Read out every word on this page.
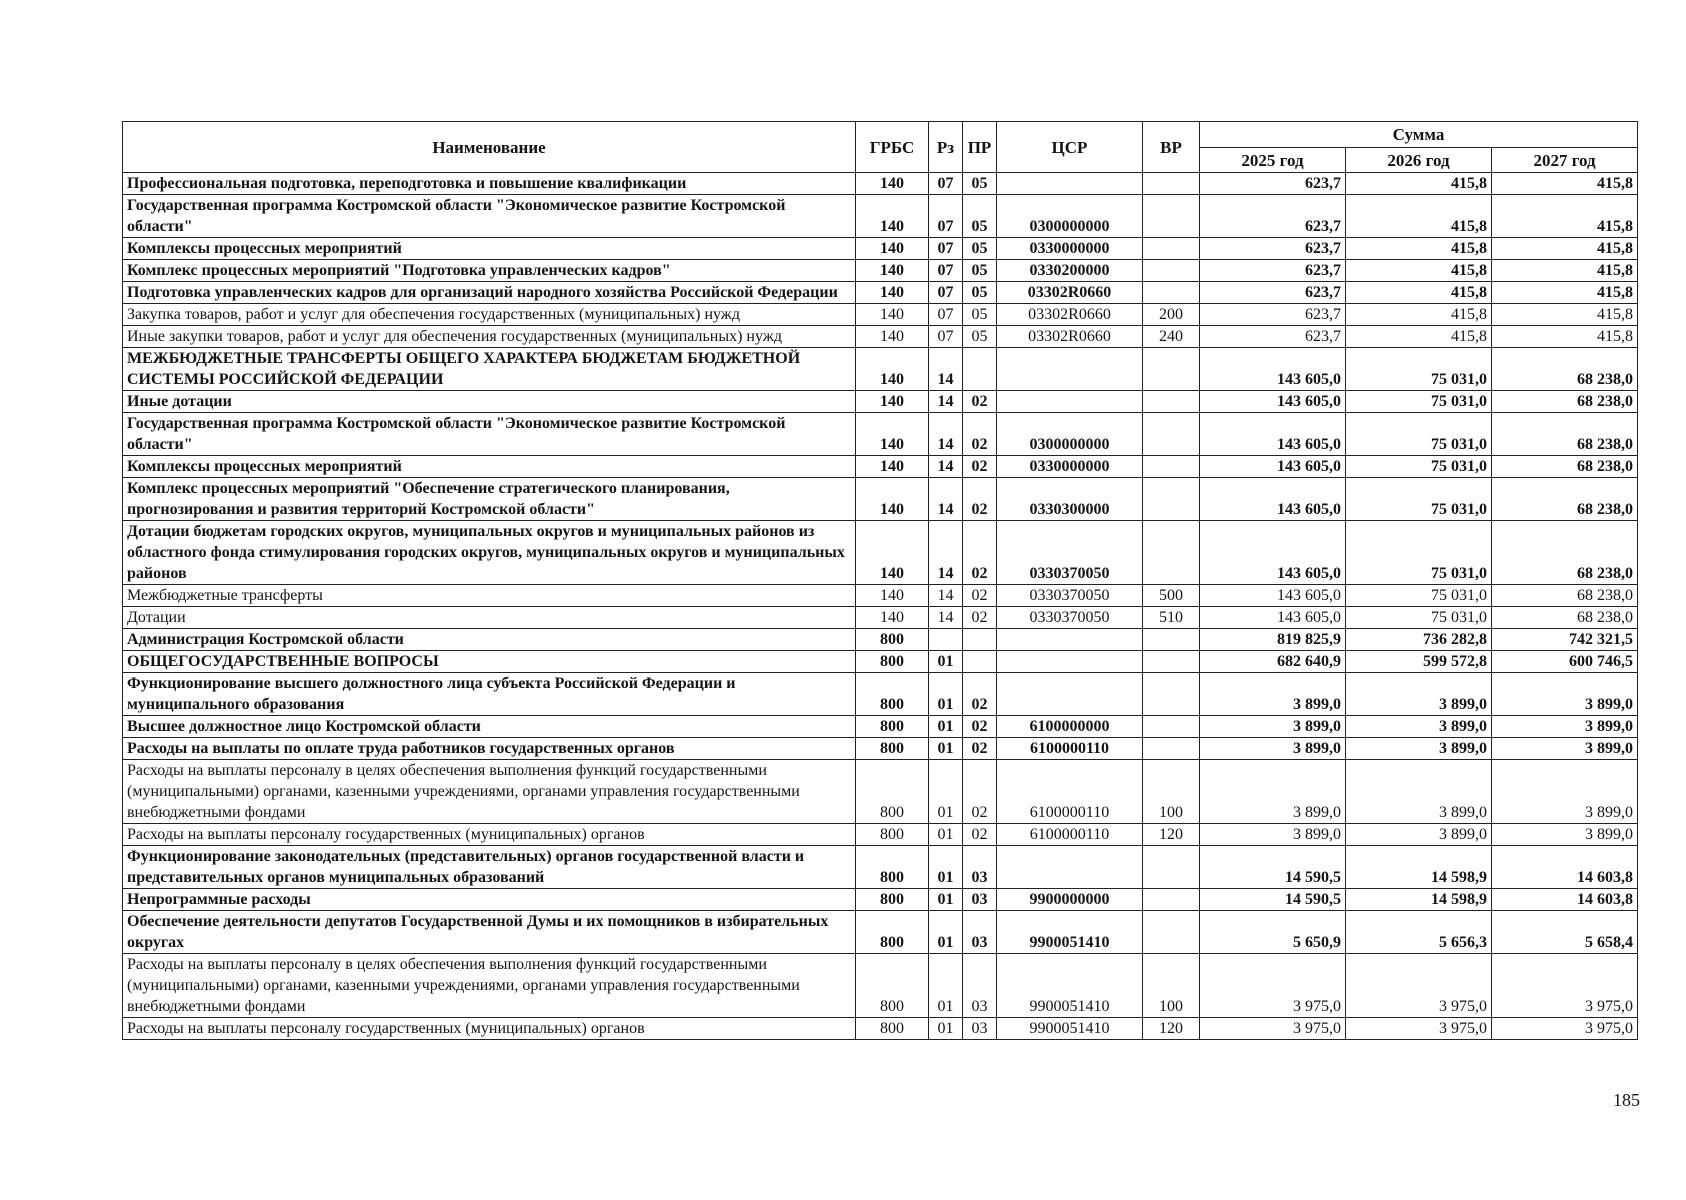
Наименование	ГРБС	Рз	ПР	ЦСР	ВР	Сумма		
						2025 год	2026 год	2027 год
Профессиональная подготовка, переподготовка и повышение квалификации	140	07	05			623,7	415,8	415,8
Государственная программа Костромской области "Экономическое развитие Костромской области"	140	07	05	0300000000		623,7	415,8	415,8
Комплексы процессных мероприятий	140	07	05	0330000000		623,7	415,8	415,8
Комплекс процессных мероприятий "Подготовка управленческих кадров"	140	07	05	0330200000		623,7	415,8	415,8
Подготовка управленческих кадров для организаций народного хозяйства Российской Федерации	140	07	05	03302R0660		623,7	415,8	415,8
Закупка товаров, работ и услуг для обеспечения государственных (муниципальных) нужд	140	07	05	03302R0660	200	623,7	415,8	415,8
Иные закупки товаров, работ и услуг для обеспечения государственных (муниципальных) нужд	140	07	05	03302R0660	240	623,7	415,8	415,8
МЕЖБЮДЖЕТНЫЕ ТРАНСФЕРТЫ ОБЩЕГО ХАРАКТЕРА БЮДЖЕТАМ БЮДЖЕТНОЙ СИСТЕМЫ РОССИЙСКОЙ ФЕДЕРАЦИИ	140	14				143 605,0	75 031,0	68 238,0
Иные дотации	140	14	02			143 605,0	75 031,0	68 238,0
Государственная программа Костромской области "Экономическое развитие Костромской области"	140	14	02	0300000000		143 605,0	75 031,0	68 238,0
Комплексы процессных мероприятий	140	14	02	0330000000		143 605,0	75 031,0	68 238,0
Комплекс процессных мероприятий "Обеспечение стратегического планирования, прогнозирования и развития территорий Костромской области"	140	14	02	0330300000		143 605,0	75 031,0	68 238,0
Дотации бюджетам городских округов, муниципальных округов и муниципальных районов из областного фонда стимулирования городских округов, муниципальных округов и муниципальных районов	140	14	02	0330370050		143 605,0	75 031,0	68 238,0
Межбюджетные трансферты	140	14	02	0330370050	500	143 605,0	75 031,0	68 238,0
Дотации	140	14	02	0330370050	510	143 605,0	75 031,0	68 238,0
Администрация Костромской области	800					819 825,9	736 282,8	742 321,5
ОБЩЕГОСУДАРСТВЕННЫЕ ВОПРОСЫ	800	01				682 640,9	599 572,8	600 746,5
Функционирование высшего должностного лица субъекта Российской Федерации и муниципального образования	800	01	02			3 899,0	3 899,0	3 899,0
Высшее должностное лицо Костромской области	800	01	02	6100000000		3 899,0	3 899,0	3 899,0
Расходы на выплаты по оплате труда работников государственных органов	800	01	02	6100000110		3 899,0	3 899,0	3 899,0
Расходы на выплаты персоналу в целях обеспечения выполнения функций государственными (муниципальными) органами, казенными учреждениями, органами управления государственными внебюджетными фондами	800	01	02	6100000110	100	3 899,0	3 899,0	3 899,0
Расходы на выплаты персоналу государственных (муниципальных) органов	800	01	02	6100000110	120	3 899,0	3 899,0	3 899,0
Функционирование законодательных (представительных) органов государственной власти и представительных органов муниципальных образований	800	01	03			14 590,5	14 598,9	14 603,8
Непрограммные расходы	800	01	03	9900000000		14 590,5	14 598,9	14 603,8
Обеспечение деятельности депутатов Государственной Думы и их помощников в избирательных округах	800	01	03	9900051410		5 650,9	5 656,3	5 658,4
Расходы на выплаты персоналу в целях обеспечения выполнения функций государственными (муниципальными) органами, казенными учреждениями, органами управления государственными внебюджетными фондами	800	01	03	9900051410	100	3 975,0	3 975,0	3 975,0
Расходы на выплаты персоналу государственных (муниципальных) органов	800	01	03	9900051410	120	3 975,0	3 975,0	3 975,0
185
